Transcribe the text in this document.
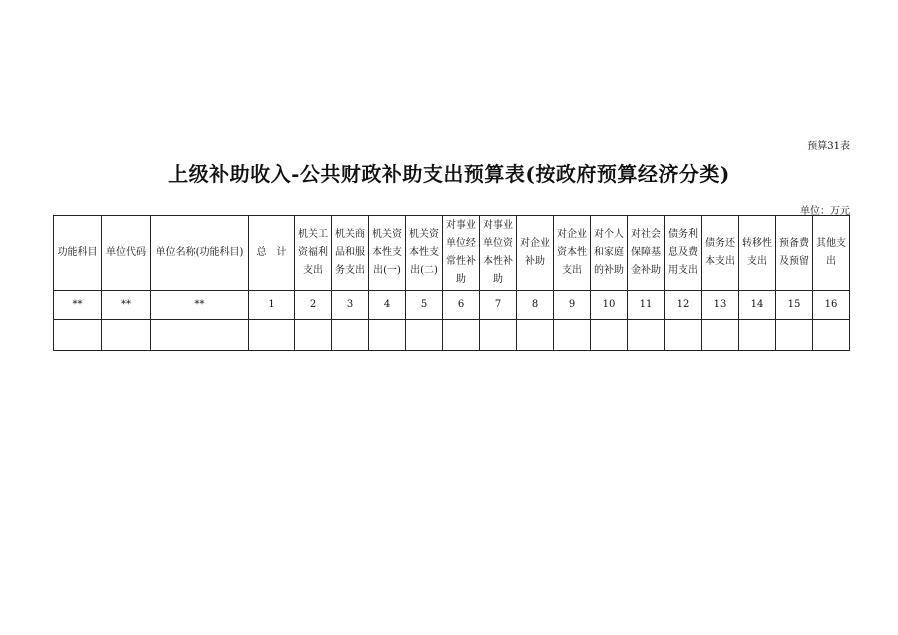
预算31表
上级补助收入-公共财政补助支出预算表(按政府预算经济分类)
单位：万元
功能科目	单位代码	单位名称(功能科目)	总　计	机关工资福利支出	机关商品和服务支出	机关资本性支出(一)	机关资本性支出(二)	对事业单位经常性补助	对事业单位资本性补助	对企业补助	对企业资本性支出	对个人和家庭的补助	对社会保障基金补助	债务利息及费用支出	债务还本支出	转移性支出	预备费及预留	其他支出
**	**	**	1	2	3	4	5	6	7	8	9	10	11	12	13	14	15	16
